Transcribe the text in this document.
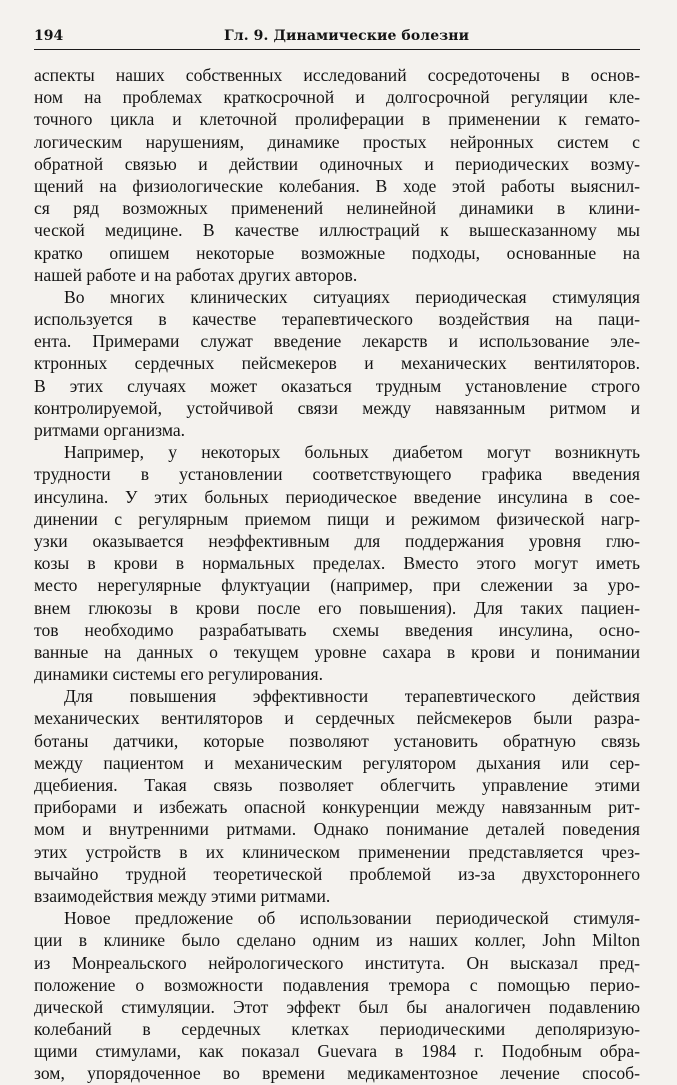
194	Гл. 9. Динамические болезни
аспекты наших собственных исследований сосредоточены в основ-
ном на проблемах краткосрочной и долгосрочной регуляции кле-
точного цикла и клеточной пролиферации в применении к гемато-
логическим нарушениям, динамике простых нейронных систем с
обратной связью и действии одиночных и периодических возму-
щений на физиологические колебания. В ходе этой работы выяснил-
ся ряд возможных применений нелинейной динамики в клини-
ческой медицине. В качестве иллюстраций к вышесказанному мы
кратко опишем некоторые возможные подходы, основанные на
нашей работе и на работах других авторов.
Во многих клинических ситуациях периодическая стимуляция
используется в качестве терапевтического воздействия на паци-
ента. Примерами служат введение лекарств и использование эле-
ктронных сердечных пейсмекеров и механических вентиляторов.
В этих случаях может оказаться трудным установление строго
контролируемой, устойчивой связи между навязанным ритмом и
ритмами организма.
Например, у некоторых больных диабетом могут возникнуть
трудности в установлении соответствующего графика введения
инсулина. У этих больных периодическое введение инсулина в сое-
динении с регулярным приемом пищи и режимом физической нагр-
узки оказывается неэффективным для поддержания уровня глю-
козы в крови в нормальных пределах. Вместо этого могут иметь
место нерегулярные флуктуации (например, при слежении за уро-
внем глюкозы в крови после его повышения). Для таких пациен-
тов необходимо разрабатывать схемы введения инсулина, осно-
ванные на данных о текущем уровне сахара в крови и понимании
динамики системы его регулирования.
Для повышения эффективности терапевтического действия
механических вентиляторов и сердечных пейсмекеров были разра-
ботаны датчики, которые позволяют установить обратную связь
между пациентом и механическим регулятором дыхания или сер-
дцебиения. Такая связь позволяет облегчить управление этими
приборами и избежать опасной конкуренции между навязанным рит-
мом и внутренними ритмами. Однако понимание деталей поведения
этих устройств в их клиническом применении представляется чрез-
вычайно трудной теоретической проблемой из-за двухстороннего
взаимодействия между этими ритмами.
Новое предложение об использовании периодической стимуля-
ции в клинике было сделано одним из наших коллег, John Milton
из Монреальского нейрологического института. Он высказал пред-
положение о возможности подавления тремора с помощью перио-
дической стимуляции. Этот эффект был бы аналогичен подавлению
колебаний в сердечных клетках периодическими деполяризую-
щими стимулами, как показал Guevara в 1984 г. Подобным обра-
зом, упорядоченное во времени медикаментозное лечение способ-
